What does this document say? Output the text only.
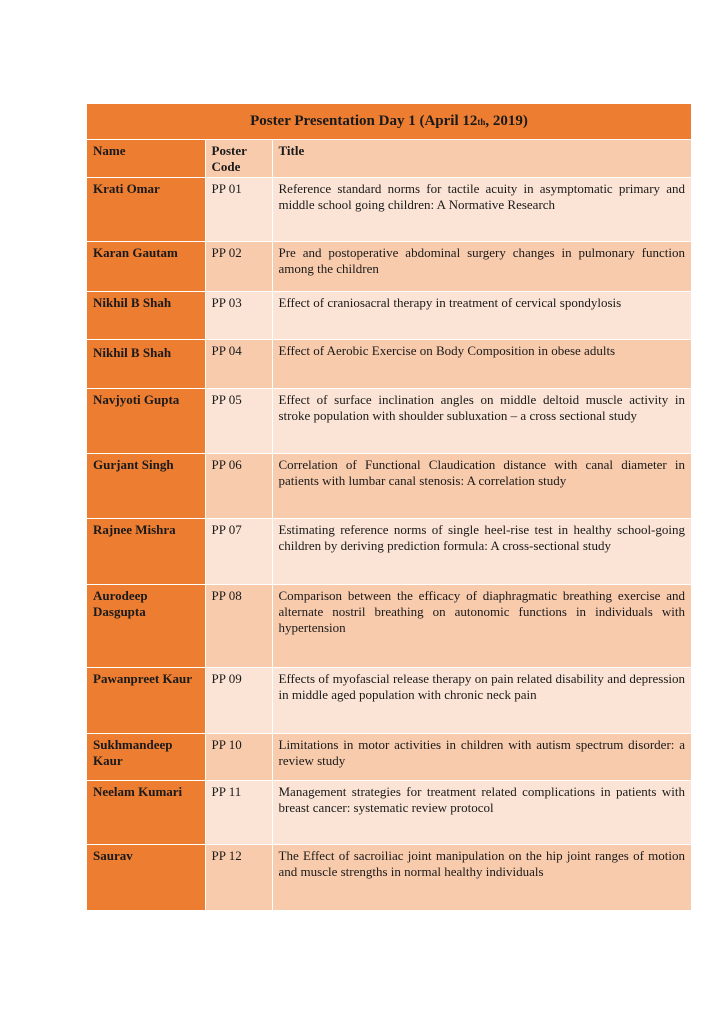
Poster Presentation Day 1 (April 12 th , 2019)
Name	Poster Code	Title
Krati Omar	PP 01	Reference standard norms for tactile acuity in asymptomatic primary and middle school going children: A Normative Research
Karan Gautam	PP 02	Pre and postoperative abdominal surgery changes in pulmonary function among the children
Nikhil B Shah	PP 03	Effect of craniosacral therapy in treatment of cervical spondylosis
Nikhil B Shah	PP 04	Effect of Aerobic Exercise on Body Composition in obese adults
Navjyoti Gupta	PP 05	Effect of surface inclination angles on middle deltoid muscle activity in stroke population with shoulder subluxation – a cross sectional study
Gurjant Singh	PP 06	Correlation of Functional Claudication distance with canal diameter in patients with lumbar canal stenosis: A correlation study
Rajnee Mishra	PP 07	Estimating reference norms of single heel-rise test in healthy school-going children by deriving prediction formula: A cross-sectional study
Aurodeep Dasgupta	PP 08	Comparison between the efficacy of diaphragmatic breathing exercise and alternate nostril breathing on autonomic functions in individuals with hypertension
Pawanpreet Kaur	PP 09	Effects of myofascial release therapy on pain related disability and depression in middle aged population with chronic neck pain
Sukhmandeep Kaur	PP 10	Limitations in motor activities in children with autism spectrum disorder: a review study
Neelam Kumari	PP 11	Management strategies for treatment related complications in patients with breast cancer: systematic review protocol
Saurav	PP 12	The Effect of sacroiliac joint manipulation on the hip joint ranges of motion and muscle strengths in normal healthy individuals
